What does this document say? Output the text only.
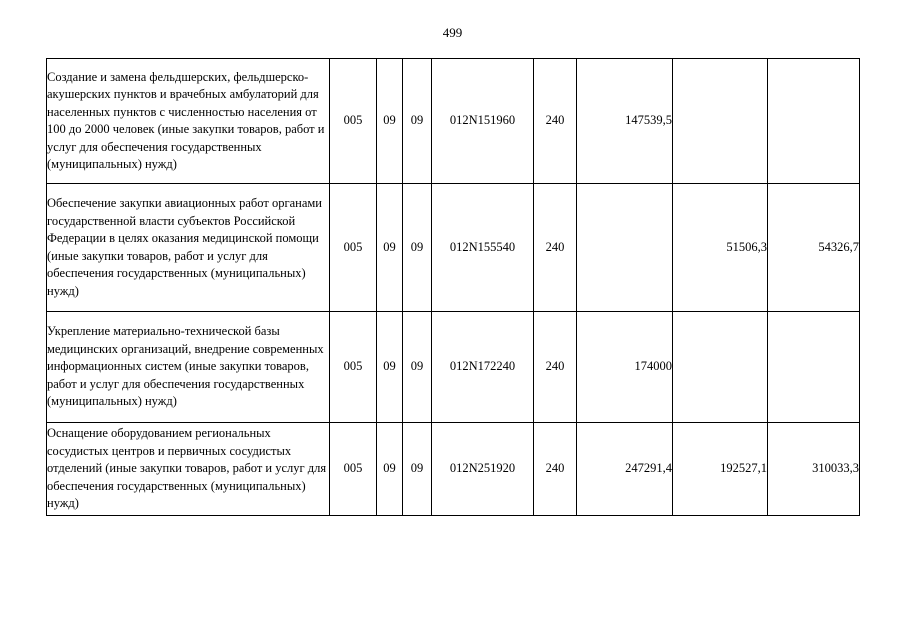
499
Создание и замена фельдшерских, фельдшерско-акушерских пунктов и врачебных амбулаторий для населенных пунктов с численностью населения от 100 до 2000 человек (иные закупки товаров, работ и услуг для обеспечения государственных (муниципальных) нужд)	005	09	09	012N151960	240	147539,5		
Обеспечение закупки авиационных работ органами государственной власти субъектов Российской Федерации в целях оказания медицинской помощи (иные закупки товаров, работ и услуг для обеспечения государственных (муниципальных) нужд)	005	09	09	012N155540	240		51506,3	54326,7
Укрепление материально-технической базы медицинских организаций, внедрение современных информационных систем (иные закупки товаров, работ и услуг для обеспечения государственных (муниципальных) нужд)	005	09	09	012N172240	240	174000		
Оснащение оборудованием региональных сосудистых центров и первичных сосудистых отделений (иные закупки товаров, работ и услуг для обеспечения государственных (муниципальных) нужд)	005	09	09	012N251920	240	247291,4	192527,1	310033,3
